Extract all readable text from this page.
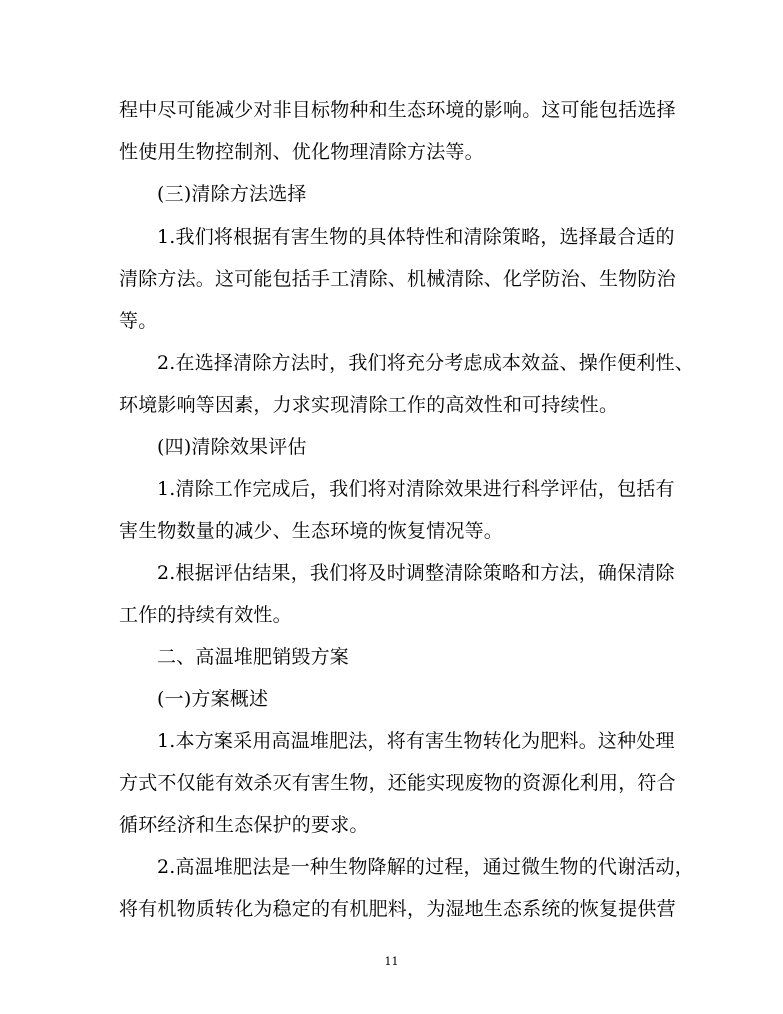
程中尽可能减少对非目标物种和生态环境的影响。这可能包括选择
性使用生物控制剂、优化物理清除方法等。
(三)清除方法选择
1.我们将根据有害生物的具体特性和清除策略，选择最合适的
清除方法。这可能包括手工清除、机械清除、化学防治、生物防治
等。
2.在选择清除方法时，我们将充分考虑成本效益、操作便利性、
环境影响等因素，力求实现清除工作的高效性和可持续性。
(四)清除效果评估
1.清除工作完成后，我们将对清除效果进行科学评估，包括有
害生物数量的减少、生态环境的恢复情况等。
2.根据评估结果，我们将及时调整清除策略和方法，确保清除
工作的持续有效性。
二、高温堆肥销毁方案
(一)方案概述
1.本方案采用高温堆肥法，将有害生物转化为肥料。这种处理
方式不仅能有效杀灭有害生物，还能实现废物的资源化利用，符合
循环经济和生态保护的要求。
2.高温堆肥法是一种生物降解的过程，通过微生物的代谢活动，
将有机物质转化为稳定的有机肥料，为湿地生态系统的恢复提供营
11
